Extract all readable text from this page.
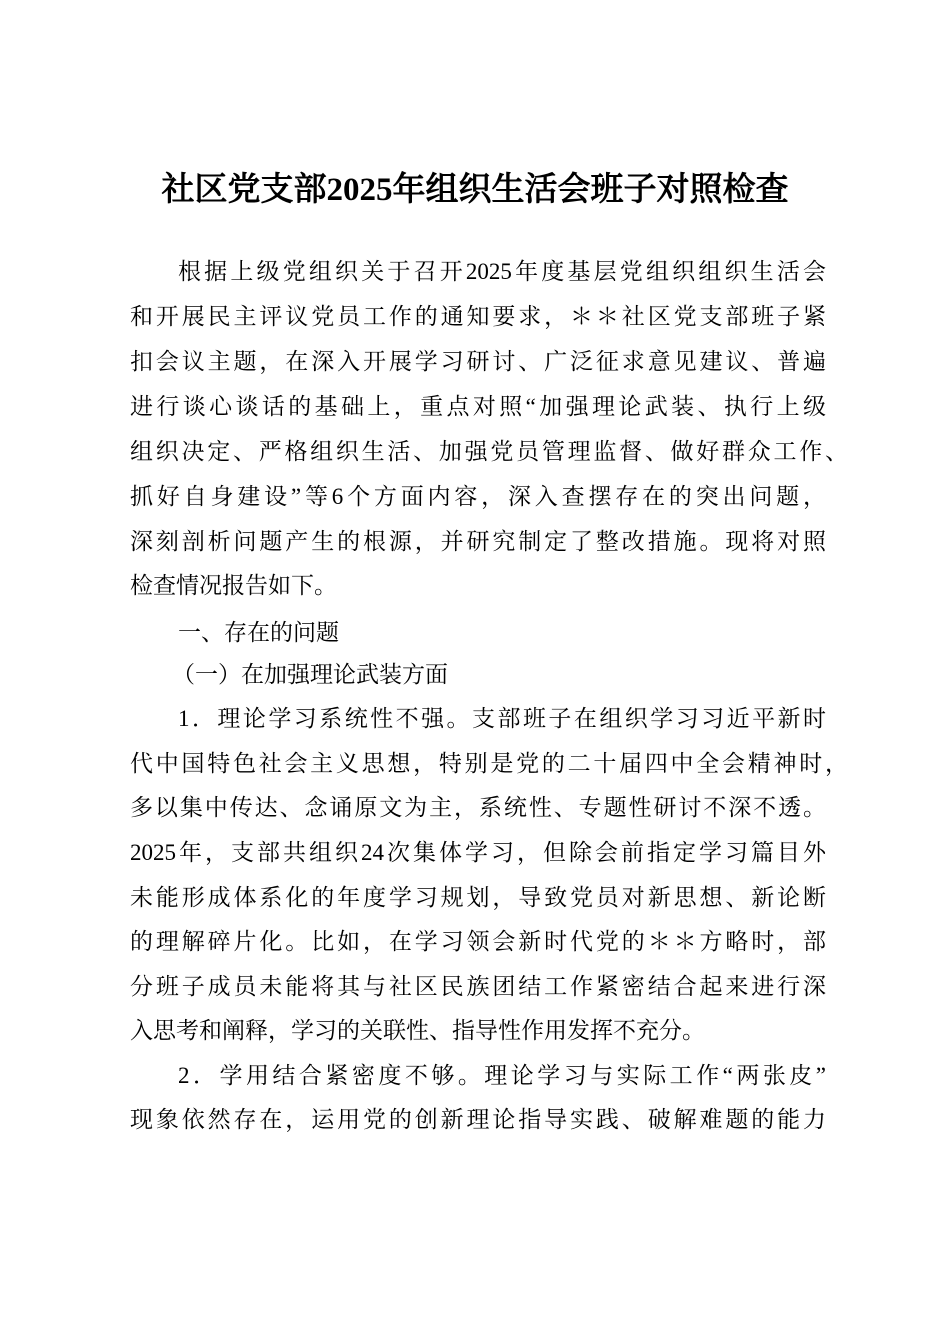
社区党支部2025年组织生活会班子对照检查
根据上级党组织关于召开2025年度基层党组织组织生活会
和开展民主评议党员工作的通知要求，＊＊社区党支部班子紧
扣会议主题，在深入开展学习研讨、广泛征求意见建议、普遍
进行谈心谈话的基础上，重点对照“加强理论武装、执行上级
组织决定、严格组织生活、加强党员管理监督、做好群众工作、
抓好自身建设”等6个方面内容，深入查摆存在的突出问题，
深刻剖析问题产生的根源，并研究制定了整改措施。现将对照
检查情况报告如下。
一、存在的问题
（一）在加强理论武装方面
1．理论学习系统性不强。支部班子在组织学习习近平新时
代中国特色社会主义思想，特别是党的二十届四中全会精神时，
多以集中传达、念诵原文为主，系统性、专题性研讨不深不透。
2025年，支部共组织24次集体学习，但除会前指定学习篇目外
未能形成体系化的年度学习规划，导致党员对新思想、新论断
的理解碎片化。比如，在学习领会新时代党的＊＊方略时，部
分班子成员未能将其与社区民族团结工作紧密结合起来进行深
入思考和阐释，学习的关联性、指导性作用发挥不充分。
2．学用结合紧密度不够。理论学习与实际工作“两张皮”
现象依然存在，运用党的创新理论指导实践、破解难题的能力
